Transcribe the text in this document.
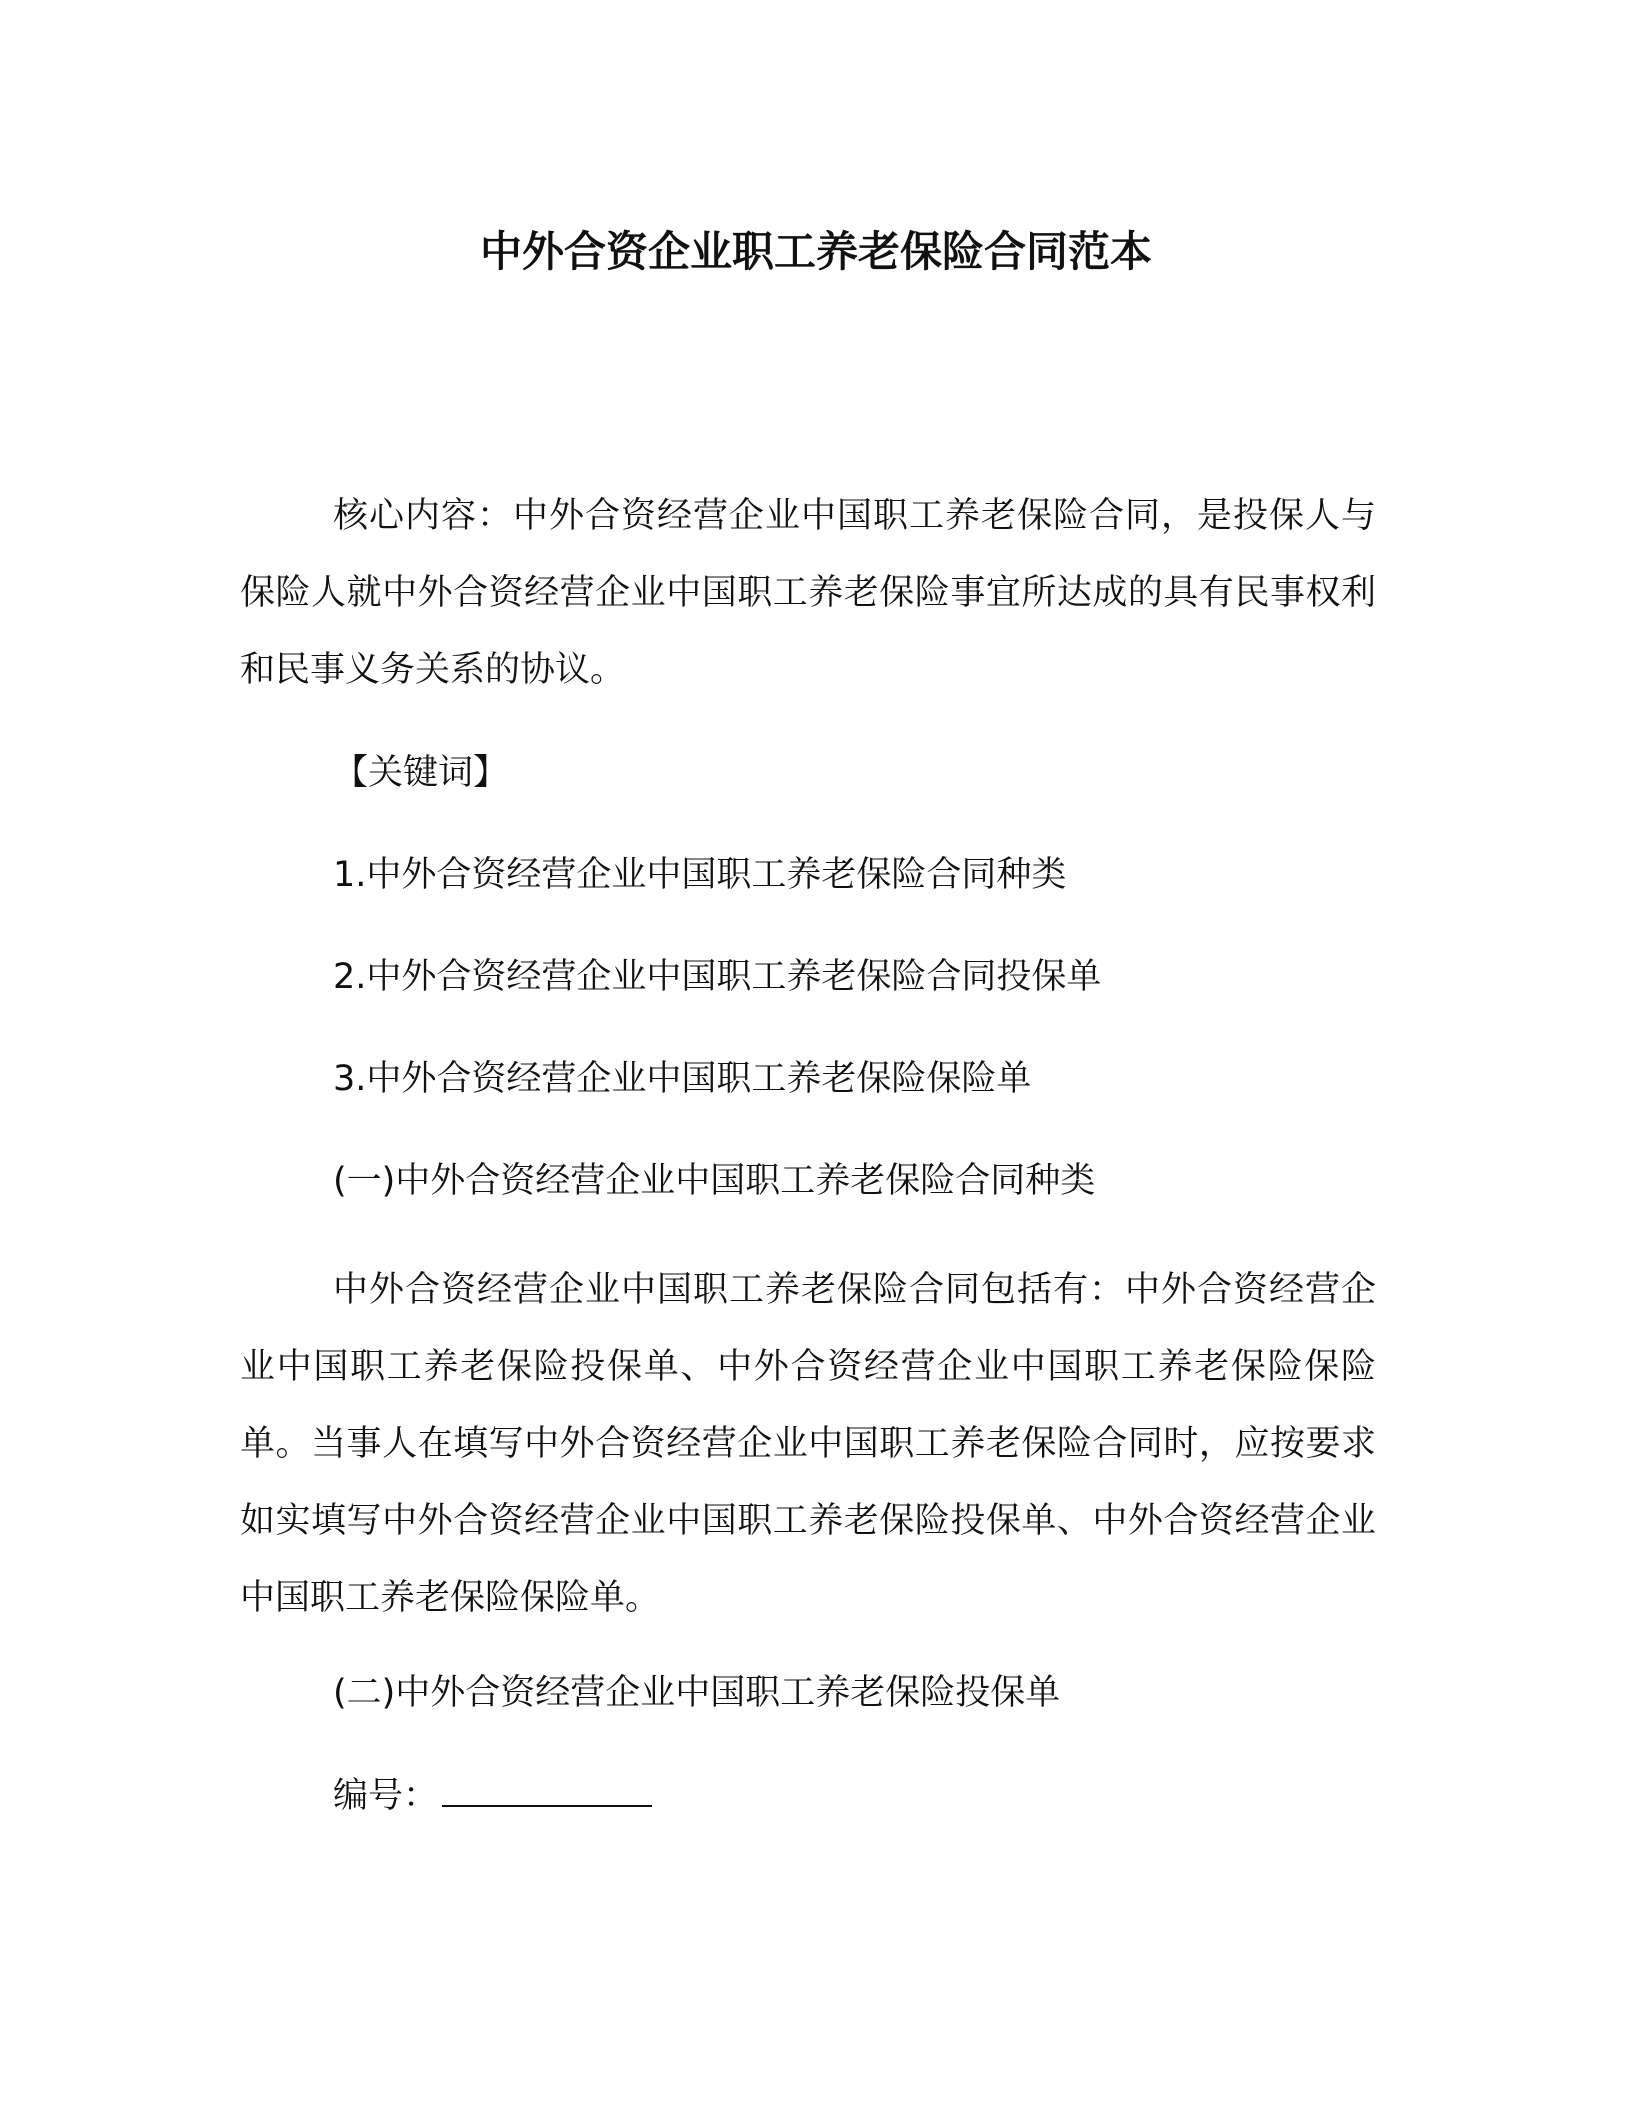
中外合资企业职工养老保险合同范本
核心内容：中外合资经营企业中国职工养老保险合同，是投保人与保险人就中外合资经营企业中国职工养老保险事宜所达成的具有民事权利和民事义务关系的协议。
【关键词】
1.中外合资经营企业中国职工养老保险合同种类
2.中外合资经营企业中国职工养老保险合同投保单
3.中外合资经营企业中国职工养老保险保险单
(一)中外合资经营企业中国职工养老保险合同种类
中外合资经营企业中国职工养老保险合同包括有：中外合资经营企业中国职工养老保险投保单、中外合资经营企业中国职工养老保险保险单。当事人在填写中外合资经营企业中国职工养老保险合同时，应按要求如实填写中外合资经营企业中国职工养老保险投保单、中外合资经营企业中国职工养老保险保险单。
(二)中外合资经营企业中国职工养老保险投保单
编号：
